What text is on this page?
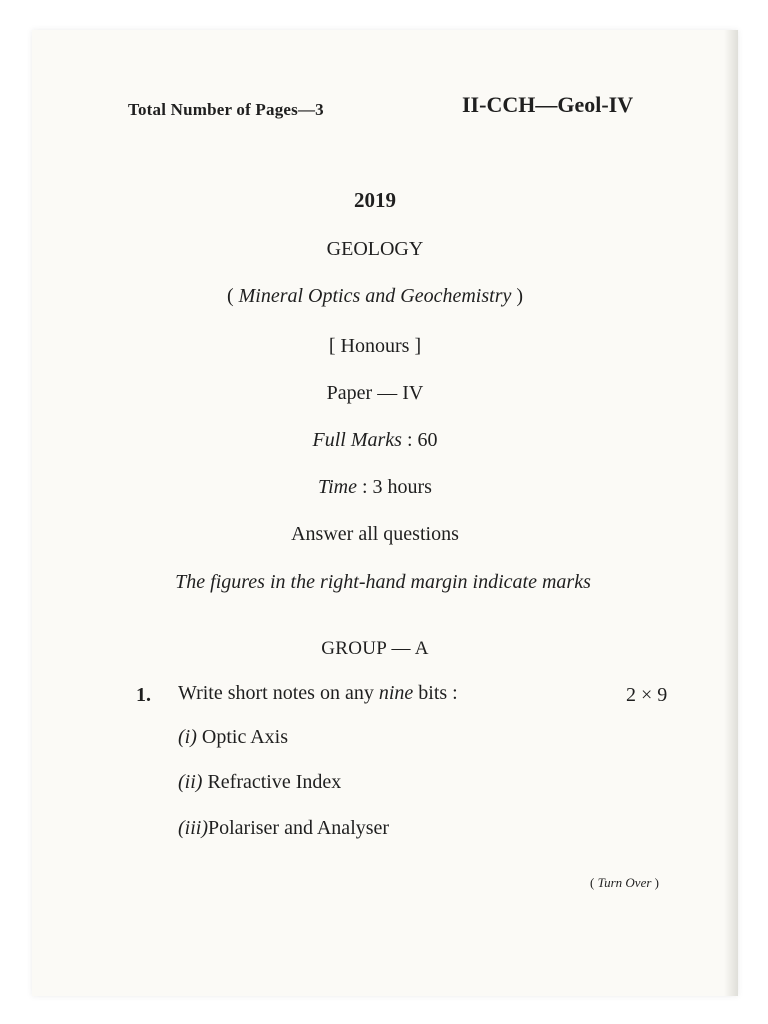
Total Number of Pages—3	II-CCH—Geol-IV
2019
GEOLOGY
( Mineral Optics and Geochemistry )
[ Honours ]
Paper — IV
Full Marks : 60
Time : 3 hours
Answer all questions
The figures in the right-hand margin indicate marks
GROUP — A
1. Write short notes on any nine bits :	2 × 9
(i) Optic Axis
(ii) Refractive Index
(iii)Polariser and Analyser
( Turn Over )
